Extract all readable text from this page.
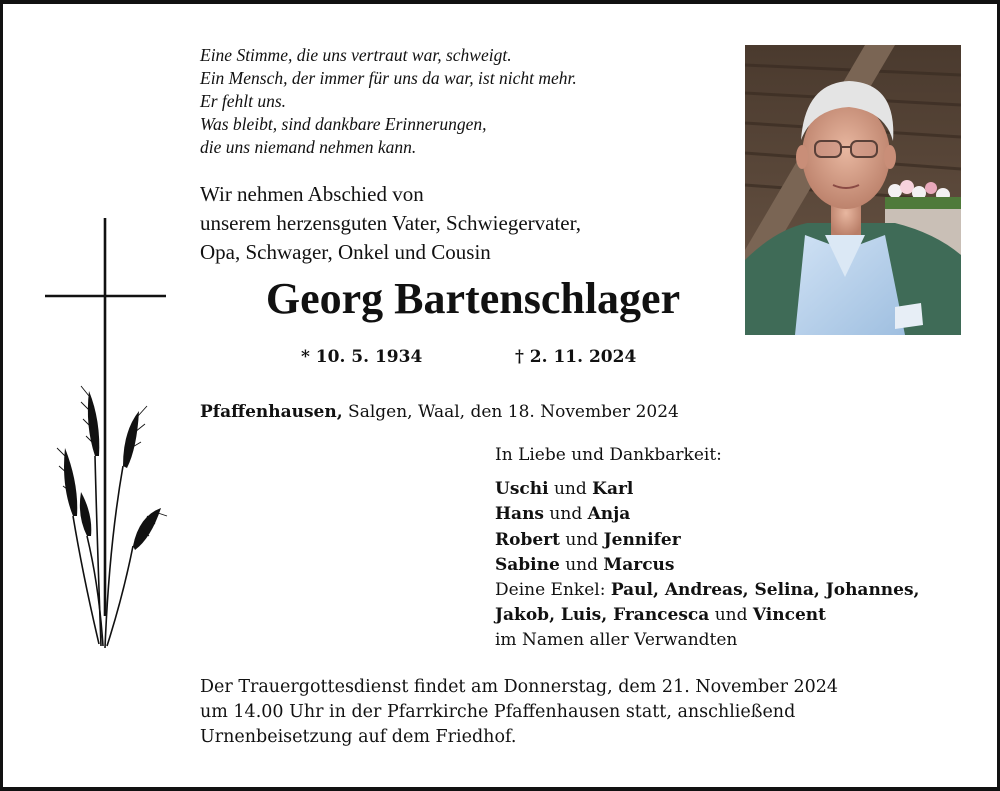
Eine Stimme, die uns vertraut war, schweigt.
Ein Mensch, der immer für uns da war, ist nicht mehr.
Er fehlt uns.
Was bleibt, sind dankbare Erinnerungen,
die uns niemand nehmen kann.
Wir nehmen Abschied von
unserem herzensguten Vater, Schwiegervater,
Opa, Schwager, Onkel und Cousin
Georg Bartenschlager
* 10. 5. 1934	† 2. 11. 2024
Pfaffenhausen, Salgen, Waal, den 18. November 2024
In Liebe und Dankbarkeit:
Uschi und Karl
Hans und Anja
Robert und Jennifer
Sabine und Marcus
Deine Enkel: Paul, Andreas, Selina, Johannes,
Jakob, Luis, Francesca und Vincent
im Namen aller Verwandten
Der Trauergottesdienst findet am Donnerstag, dem 21. November 2024
um 14.00 Uhr in der Pfarrkirche Pfaffenhausen statt, anschließend
Urnenbeisetzung auf dem Friedhof.
